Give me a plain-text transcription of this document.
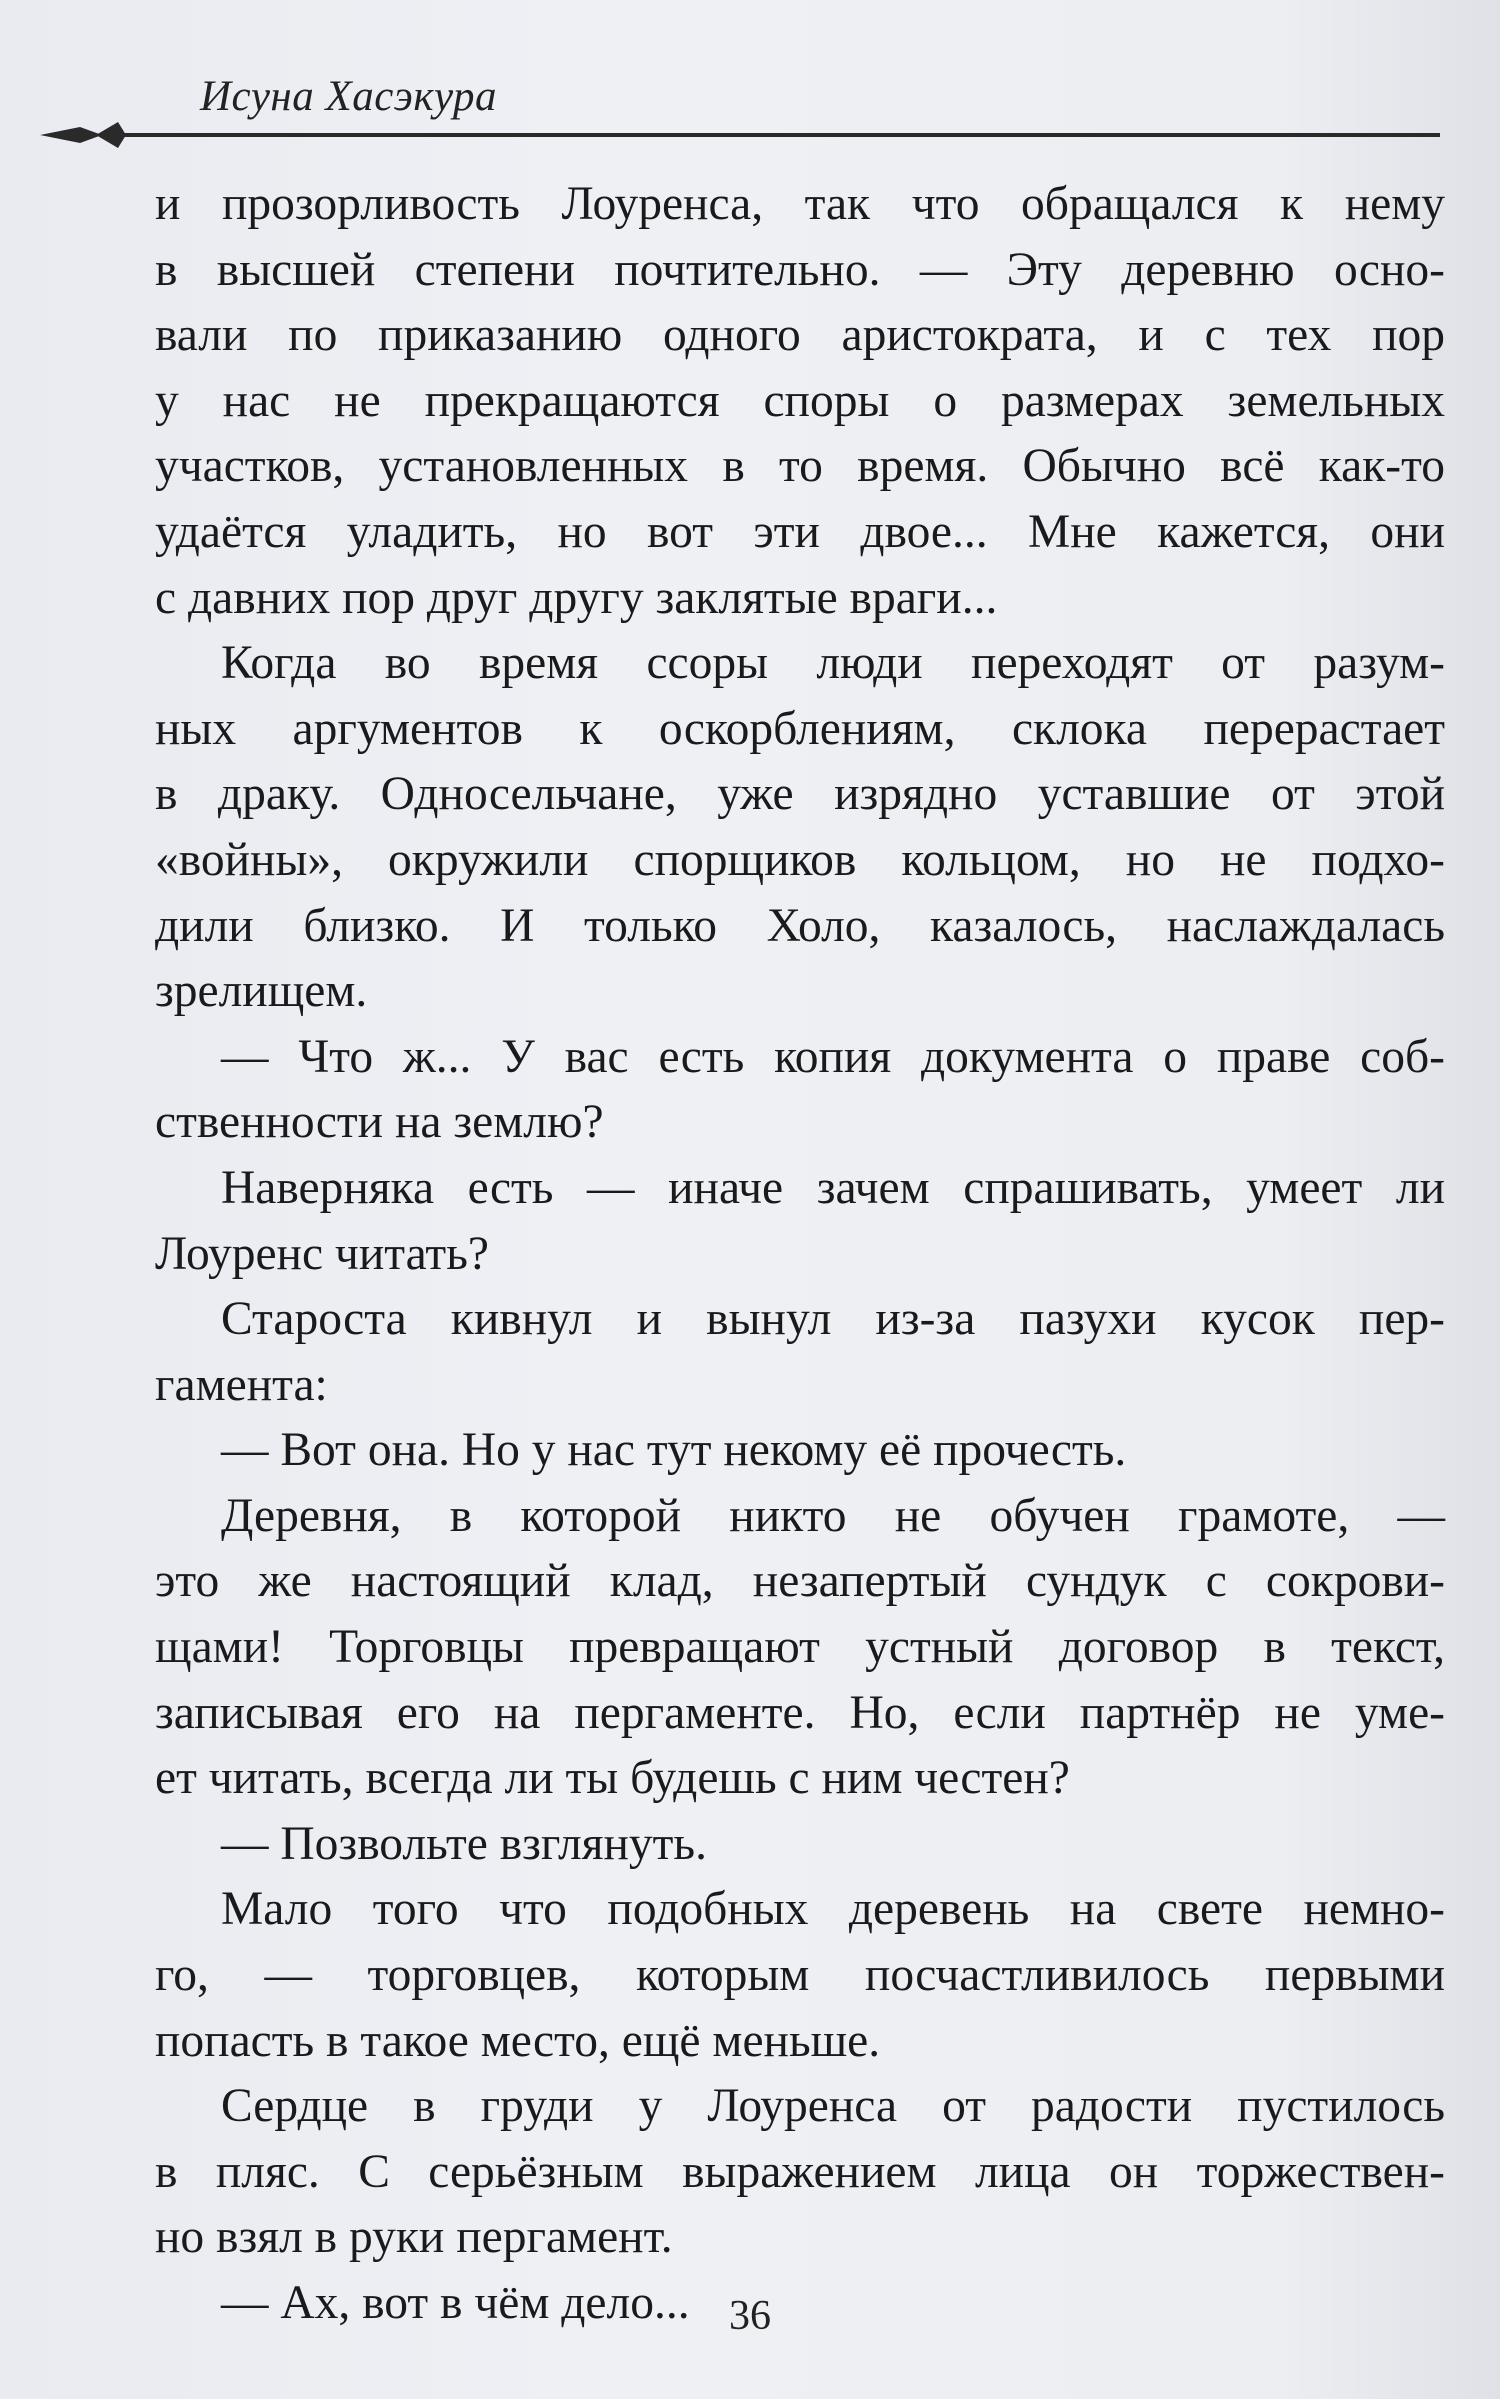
Исуна Хасэкура
и прозорливость Лоуренса, так что обращался к нему
в высшей степени почтительно. — Эту деревню осно-
вали по приказанию одного аристократа, и с тех пор
у нас не прекращаются споры о размерах земельных
участков, установленных в то время. Обычно всё как-то
удаётся уладить, но вот эти двое... Мне кажется, они
с давних пор друг другу заклятые враги...
Когда во время ссоры люди переходят от разум-
ных аргументов к оскорблениям, склока перерастает
в драку. Односельчане, уже изрядно уставшие от этой
«войны», окружили спорщиков кольцом, но не подхо-
дили близко. И только Холо, казалось, наслаждалась
зрелищем.
— Что ж... У вас есть копия документа о праве соб-
ственности на землю?
Наверняка есть — иначе зачем спрашивать, умеет ли
Лоуренс читать?
Староста кивнул и вынул из-за пазухи кусок пер-
гамента:
— Вот она. Но у нас тут некому её прочесть.
Деревня, в которой никто не обучен грамоте, —
это же настоящий клад, незапертый сундук с сокрови-
щами! Торговцы превращают устный договор в текст,
записывая его на пергаменте. Но, если партнёр не уме-
ет читать, всегда ли ты будешь с ним честен?
— Позвольте взглянуть.
Мало того что подобных деревень на свете немно-
го, — торговцев, которым посчастливилось первыми
попасть в такое место, ещё меньше.
Сердце в груди у Лоуренса от радости пустилось
в пляс. С серьёзным выражением лица он торжествен-
но взял в руки пергамент.
— Ах, вот в чём дело... 36
